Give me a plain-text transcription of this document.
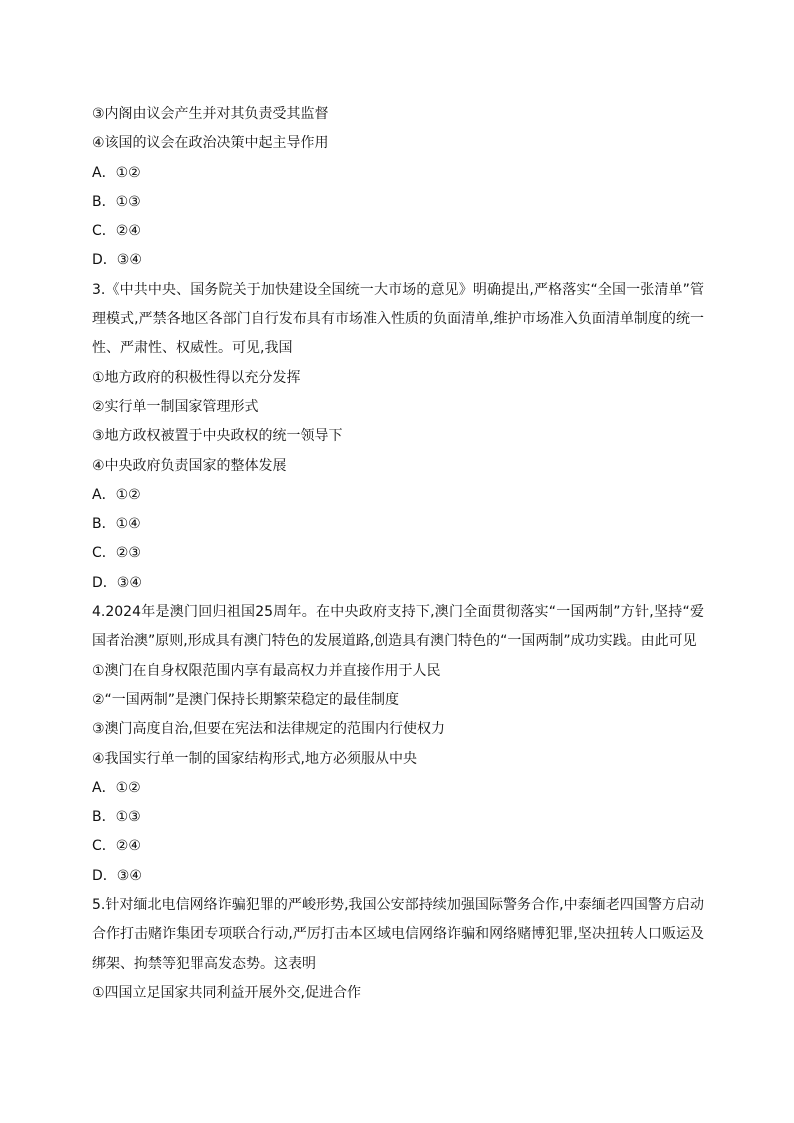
③内阁由议会产生并对其负责受其监督
④该国的议会在政治决策中起主导作用
A．①②
B．①③
C．②④
D．③④
3.《中共中央、国务院关于加快建设全国统一大市场的意见》明确提出,严格落实“全国一张清单”管理模式,严禁各地区各部门自行发布具有市场准入性质的负面清单,维护市场准入负面清单制度的统一性、严肃性、权威性。可见,我国
①地方政府的积极性得以充分发挥
②实行单一制国家管理形式
③地方政权被置于中央政权的统一领导下
④中央政府负责国家的整体发展
A．①②
B．①④
C．②③
D．③④
4.2024年是澳门回归祖国25周年。在中央政府支持下,澳门全面贯彻落实“一国两制”方针,坚持“爱国者治澳”原则,形成具有澳门特色的发展道路,创造具有澳门特色的“一国两制”成功实践。由此可见
①澳门在自身权限范围内享有最高权力并直接作用于人民
②“一国两制”是澳门保持长期繁荣稳定的最佳制度
③澳门高度自治,但要在宪法和法律规定的范围内行使权力
④我国实行单一制的国家结构形式,地方必须服从中央
A．①②
B．①③
C．②④
D．③④
5.针对缅北电信网络诈骗犯罪的严峻形势,我国公安部持续加强国际警务合作,中泰缅老四国警方启动合作打击赌诈集团专项联合行动,严厉打击本区域电信网络诈骗和网络赌博犯罪,坚决扭转人口贩运及绑架、拘禁等犯罪高发态势。这表明
①四国立足国家共同利益开展外交,促进合作
